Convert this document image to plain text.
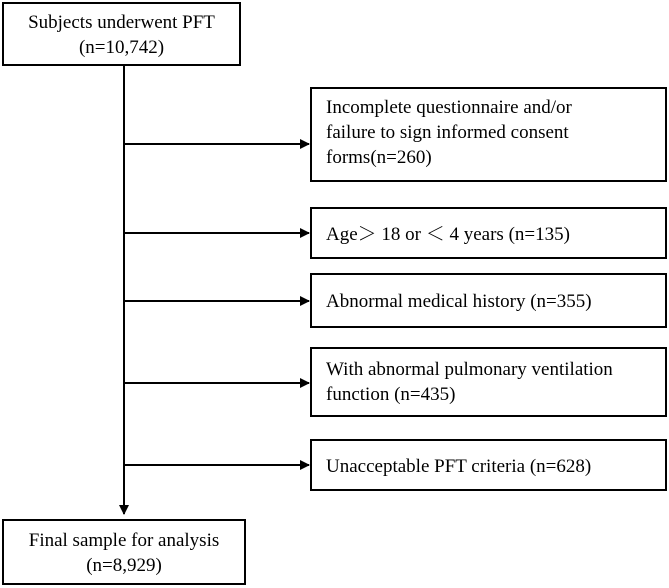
Subjects underwent PFT
(n=10,742)
Incomplete questionnaire and/or
failure to sign informed consent
forms(n=260)
Age＞ 18 or ＜ 4 years (n=135)
Abnormal medical history (n=355)
With abnormal pulmonary ventilation
function (n=435)
Unacceptable PFT criteria (n=628)
Final sample for analysis
(n=8,929)
